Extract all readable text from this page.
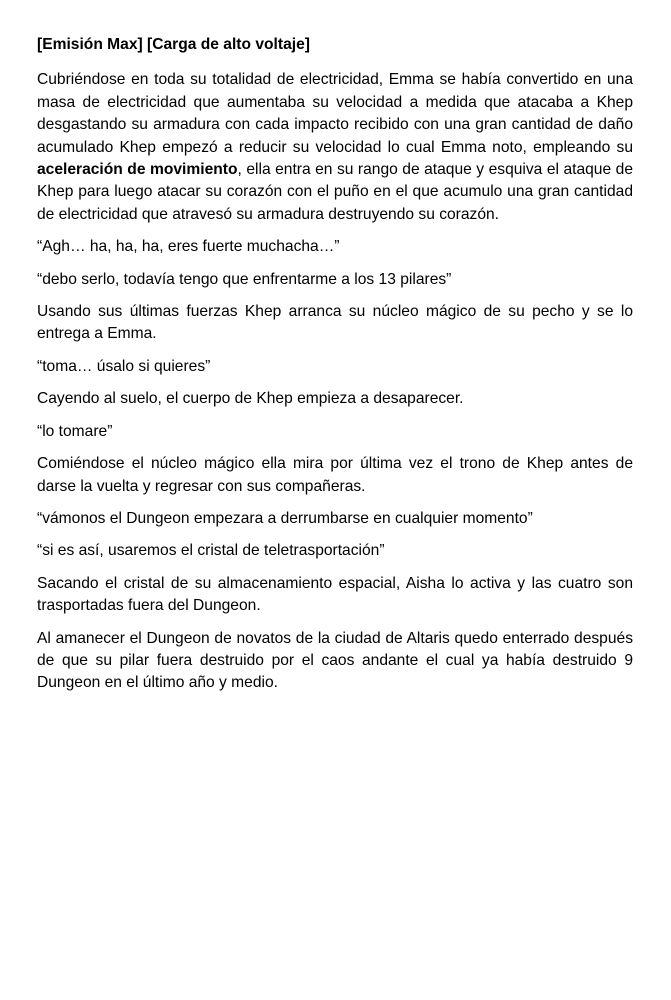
[Emisión Max] [Carga de alto voltaje]

Cubriéndose en toda su totalidad de electricidad, Emma se había convertido en una masa de electricidad que aumentaba su velocidad a medida que atacaba a Khep desgastando su armadura con cada impacto recibido con una gran cantidad de daño acumulado Khep empezó a reducir su velocidad lo cual Emma noto, empleando su aceleración de movimiento, ella entra en su rango de ataque y esquiva el ataque de Khep para luego atacar su corazón con el puño en el que acumulo una gran cantidad de electricidad que atravesó su armadura destruyendo su corazón.

“Agh… ha, ha, ha, eres fuerte muchacha…”

“debo serlo, todavía tengo que enfrentarme a los 13 pilares”

Usando sus últimas fuerzas Khep arranca su núcleo mágico de su pecho y se lo entrega a Emma.

“toma… úsalo si quieres”

Cayendo al suelo, el cuerpo de Khep empieza a desaparecer.

“lo tomare”

Comiéndose el núcleo mágico ella mira por última vez el trono de Khep antes de darse la vuelta y regresar con sus compañeras.

“vámonos el Dungeon empezara a derrumbarse en cualquier momento”

“si es así, usaremos el cristal de teletrasportación”

Sacando el cristal de su almacenamiento espacial, Aisha lo activa y las cuatro son trasportadas fuera del Dungeon.

Al amanecer el Dungeon de novatos de la ciudad de Altaris quedo enterrado después de que su pilar fuera destruido por el caos andante el cual ya había destruido 9 Dungeon en el último año y medio.
